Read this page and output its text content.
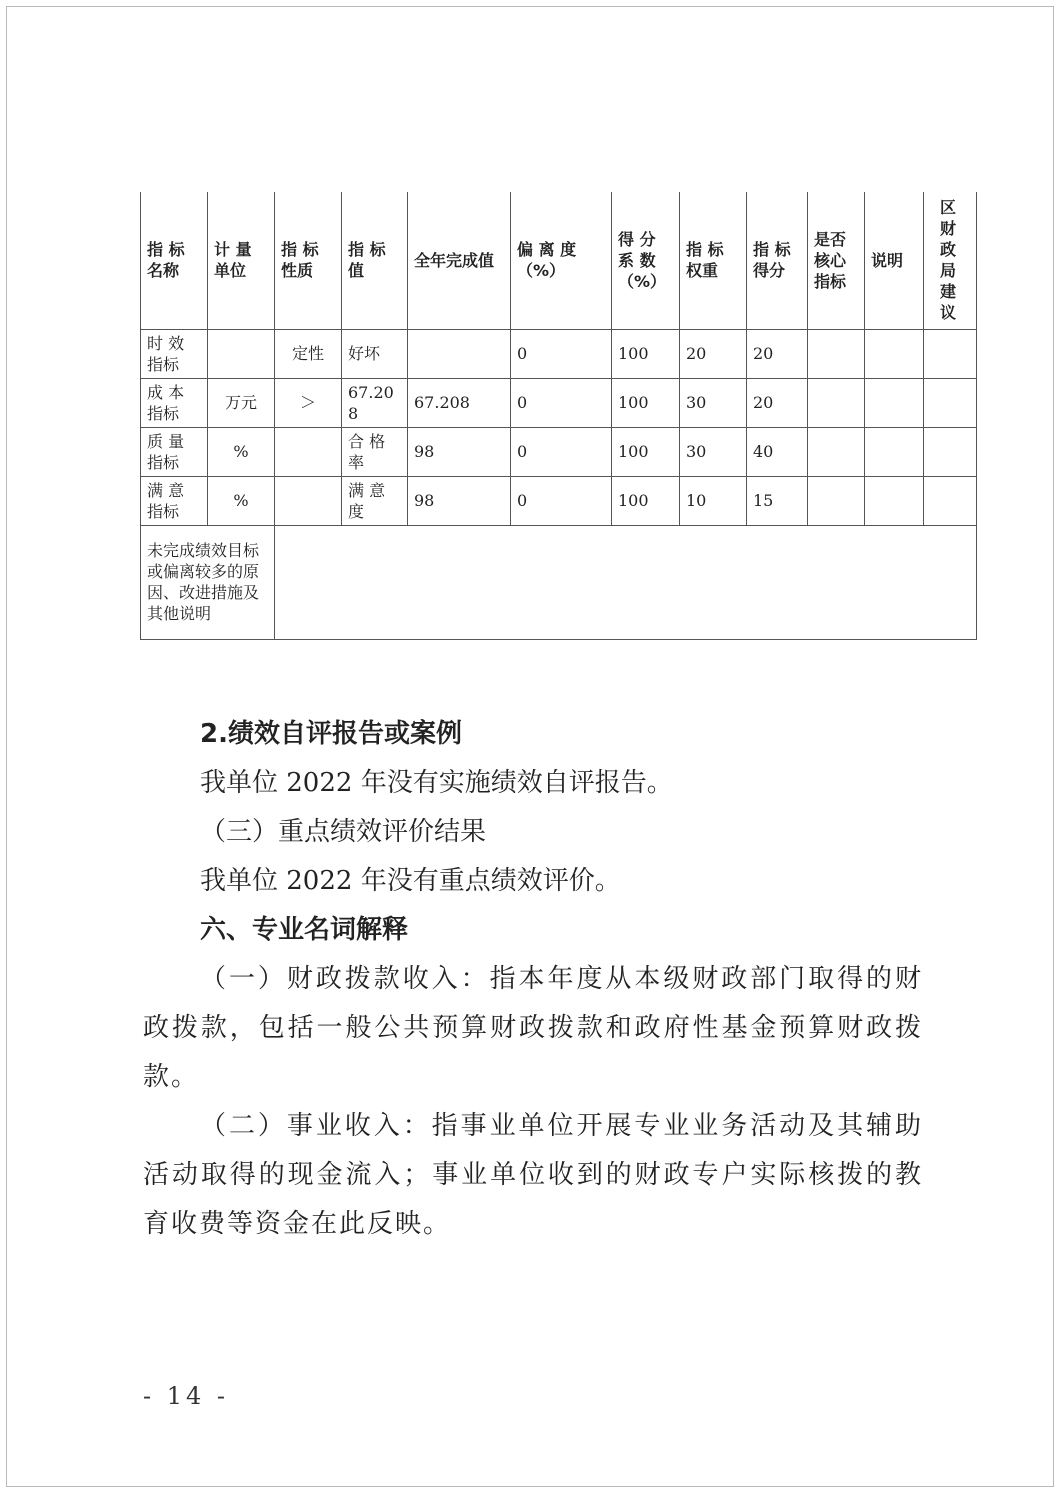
指 标 名称	计 量 单位	指 标 性质	指 标 值	全年完成值	偏 离 度 （%）	得 分 系 数 （%）	指 标 权重	指 标 得分	是否 核心 指标	说明	区财政局建议
时 效 指标		定性	好坏		0	100	20	20			
成 本 指标	万元	＞	67.208	67.208	0	100	30	20			
质 量 指标	%		合 格 率	98	0	100	30	40			
满 意 指标	%		满 意 度	98	0	100	10	15			
未完成绩效目标或偏离较多的原因、改进措施及其他说明											

2.绩效自评报告或案例

我单位 2022 年没有实施绩效自评报告。

（三）重点绩效评价结果

我单位 2022 年没有重点绩效评价。

六、专业名词解释

（一）财政拨款收入：指本年度从本级财政部门取得的财政拨款，包括一般公共预算财政拨款和政府性基金预算财政拨款。

（二）事业收入：指事业单位开展专业业务活动及其辅助活动取得的现金流入；事业单位收到的财政专户实际核拨的教育收费等资金在此反映。

- 14 -
